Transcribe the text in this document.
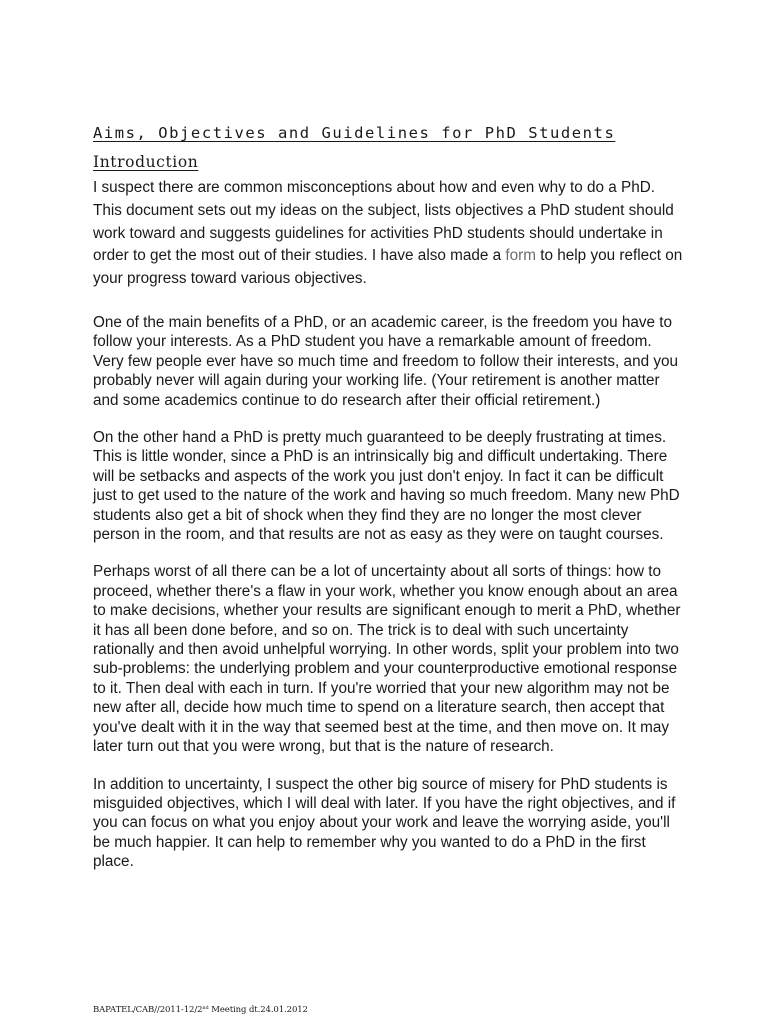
Aims, Objectives and Guidelines for PhD Students
Introduction

I suspect there are common misconceptions about how and even why to do a PhD. This document sets out my ideas on the subject, lists objectives a PhD student should work toward and suggests guidelines for activities PhD students should undertake in order to get the most out of their studies. I have also made a form to help you reflect on your progress toward various objectives.

One of the main benefits of a PhD, or an academic career, is the freedom you have to follow your interests. As a PhD student you have a remarkable amount of freedom. Very few people ever have so much time and freedom to follow their interests, and you probably never will again during your working life. (Your retirement is another matter and some academics continue to do research after their official retirement.)

On the other hand a PhD is pretty much guaranteed to be deeply frustrating at times. This is little wonder, since a PhD is an intrinsically big and difficult undertaking. There will be setbacks and aspects of the work you just don't enjoy. In fact it can be difficult just to get used to the nature of the work and having so much freedom. Many new PhD students also get a bit of shock when they find they are no longer the most clever person in the room, and that results are not as easy as they were on taught courses.

Perhaps worst of all there can be a lot of uncertainty about all sorts of things: how to proceed, whether there's a flaw in your work, whether you know enough about an area to make decisions, whether your results are significant enough to merit a PhD, whether it has all been done before, and so on. The trick is to deal with such uncertainty rationally and then avoid unhelpful worrying. In other words, split your problem into two sub-problems: the underlying problem and your counterproductive emotional response to it. Then deal with each in turn. If you're worried that your new algorithm may not be new after all, decide how much time to spend on a literature search, then accept that you've dealt with it in the way that seemed best at the time, and then move on. It may later turn out that you were wrong, but that is the nature of research.

In addition to uncertainty, I suspect the other big source of misery for PhD students is misguided objectives, which I will deal with later. If you have the right objectives, and if you can focus on what you enjoy about your work and leave the worrying aside, you'll be much happier. It can help to remember why you wanted to do a PhD in the first place.

BAPATEL/CAB//2011-12/2nd Meeting dt.24.01.2012
